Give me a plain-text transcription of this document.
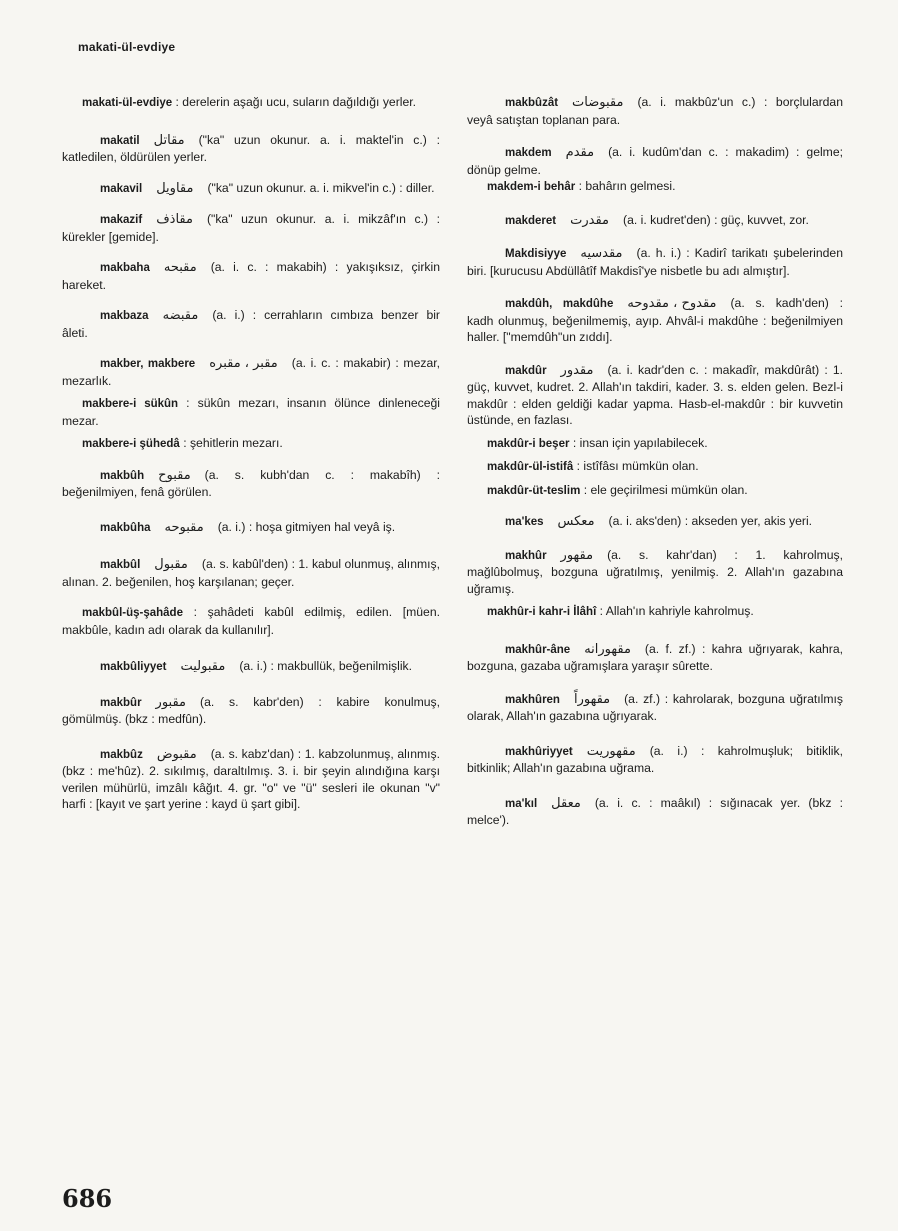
makati-ül-evdiye

makati-ül-evdiye : derelerin aşağı ucu, suların dağıldığı yerler.

makatil مقاتل ("ka" uzun okunur. a. i. maktel'in c.) : katledilen, öldürülen yerler.

makavil مقاويل ("ka" uzun okunur. a. i. mikvel'in c.) : diller.

makazif مقاذف ("ka" uzun okunur. a. i. mikzâf'ın c.) : kürekler [gemide].

makbaha مقبحه (a. i. c. : makabih) : yakışıksız, çirkin hareket.

makbaza مقبضه (a. i.) : cerrahların cımbıza benzer bir âleti.

makber, makbere مقبر ، مقبره (a. i. c. : makabir) : mezar, mezarlık.

makbere-i sükûn : sükûn mezarı, insanın ölünce dinleneceği mezar.

makbere-i şühedâ : şehitlerin mezarı.

makbûh مقبوح (a. s. kubh'dan c. : makabîh) : beğenilmiyen, fenâ görülen.

makbûha مقبوحه (a. i.) : hoşa gitmiyen hal veyâ iş.

makbûl مقبول (a. s. kabûl'den) : 1. kabul olunmuş, alınmış, alınan. 2. beğenilen, hoş karşılanan; geçer.

makbûl-üş-şahâde : şahâdeti kabûl edilmiş, edilen. [müen. makbûle, kadın adı olarak da kullanılır].

makbûliyyet مقبوليت (a. i.) : makbullük, beğenilmişlik.

makbûr مقبور (a. s. kabr'den) : kabire konulmuş, gömülmüş. (bkz : medfûn).

makbûz مقبوض (a. s. kabz'dan) : 1. kabzolunmuş, alınmış. (bkz : me'hûz). 2. sıkılmış, daraltılmış. 3. i. bir şeyin alındığına karşı verilen mühürlü, imzâlı kâğıt. 4. gr. "o" ve "ü" sesleri ile okunan "v" harfi : [kayıt ve şart yerine : kayd ü şart gibi].

makbûzât مقبوضات (a. i. makbûz'un c.) : borçlulardan veyâ satıştan toplanan para.

makdem مقدم (a. i. kudûm'dan c. : makadim) : gelme; dönüp gelme.

makdem-i behâr : bahârın gelmesi.

makderet مقدرت (a. i. kudret'den) : güç, kuvvet, zor.

Makdisiyye مقدسيه (a. h. i.) : Kadirî tarikatı şubelerinden biri. [kurucusu Abdüllâtîf Makdisî'ye nisbetle bu adı almıştır].

makdûh, makdûhe مقدوح ، مقدوحه (a. s. kadh'den) : kadh olunmuş, beğenilmemiş, ayıp. Ahvâl-i makdûhe : beğenilmiyen haller. ["memdûh"un zıddı].

makdûr مقدور (a. i. kadr'den c. : makadîr, makdûrât) : 1. güç, kuvvet, kudret. 2. Allah'ın takdiri, kader. 3. s. elden gelen. Bezl-i makdûr : elden geldiği kadar yapma. Hasb-el-makdûr : bir kuvvetin üstünde, en fazlası.

makdûr-i beşer : insan için yapılabilecek.

makdûr-ül-istifâ : istîfâsı mümkün olan.

makdûr-üt-teslim : ele geçirilmesi mümkün olan.

ma'kes معكس (a. i. aks'den) : akseden yer, akis yeri.

makhûr مقهور (a. s. kahr'dan) : 1. kahrolmuş, mağlûbolmuş, bozguna uğratılmış, yenilmiş. 2. Allah'ın gazabına uğramış.

makhûr-i kahr-i İlâhî : Allah'ın kahriyle kahrolmuş.

makhûr-âne مقهورانه (a. f. zf.) : kahra uğrıyarak, kahra, bozguna, gazaba uğramışlara yaraşır sûrette.

makhûren مقهوراً (a. zf.) : kahrolarak, bozguna uğratılmış olarak, Allah'ın gazabına uğrıyarak.

makhûriyyet مقهوريت (a. i.) : kahrolmuşluk; bitiklik, bitkinlik; Allah'ın gazabına uğrama.

ma'kıl معقل (a. i. c. : maâkıl) : sığınacak yer. (bkz : melce').

686
